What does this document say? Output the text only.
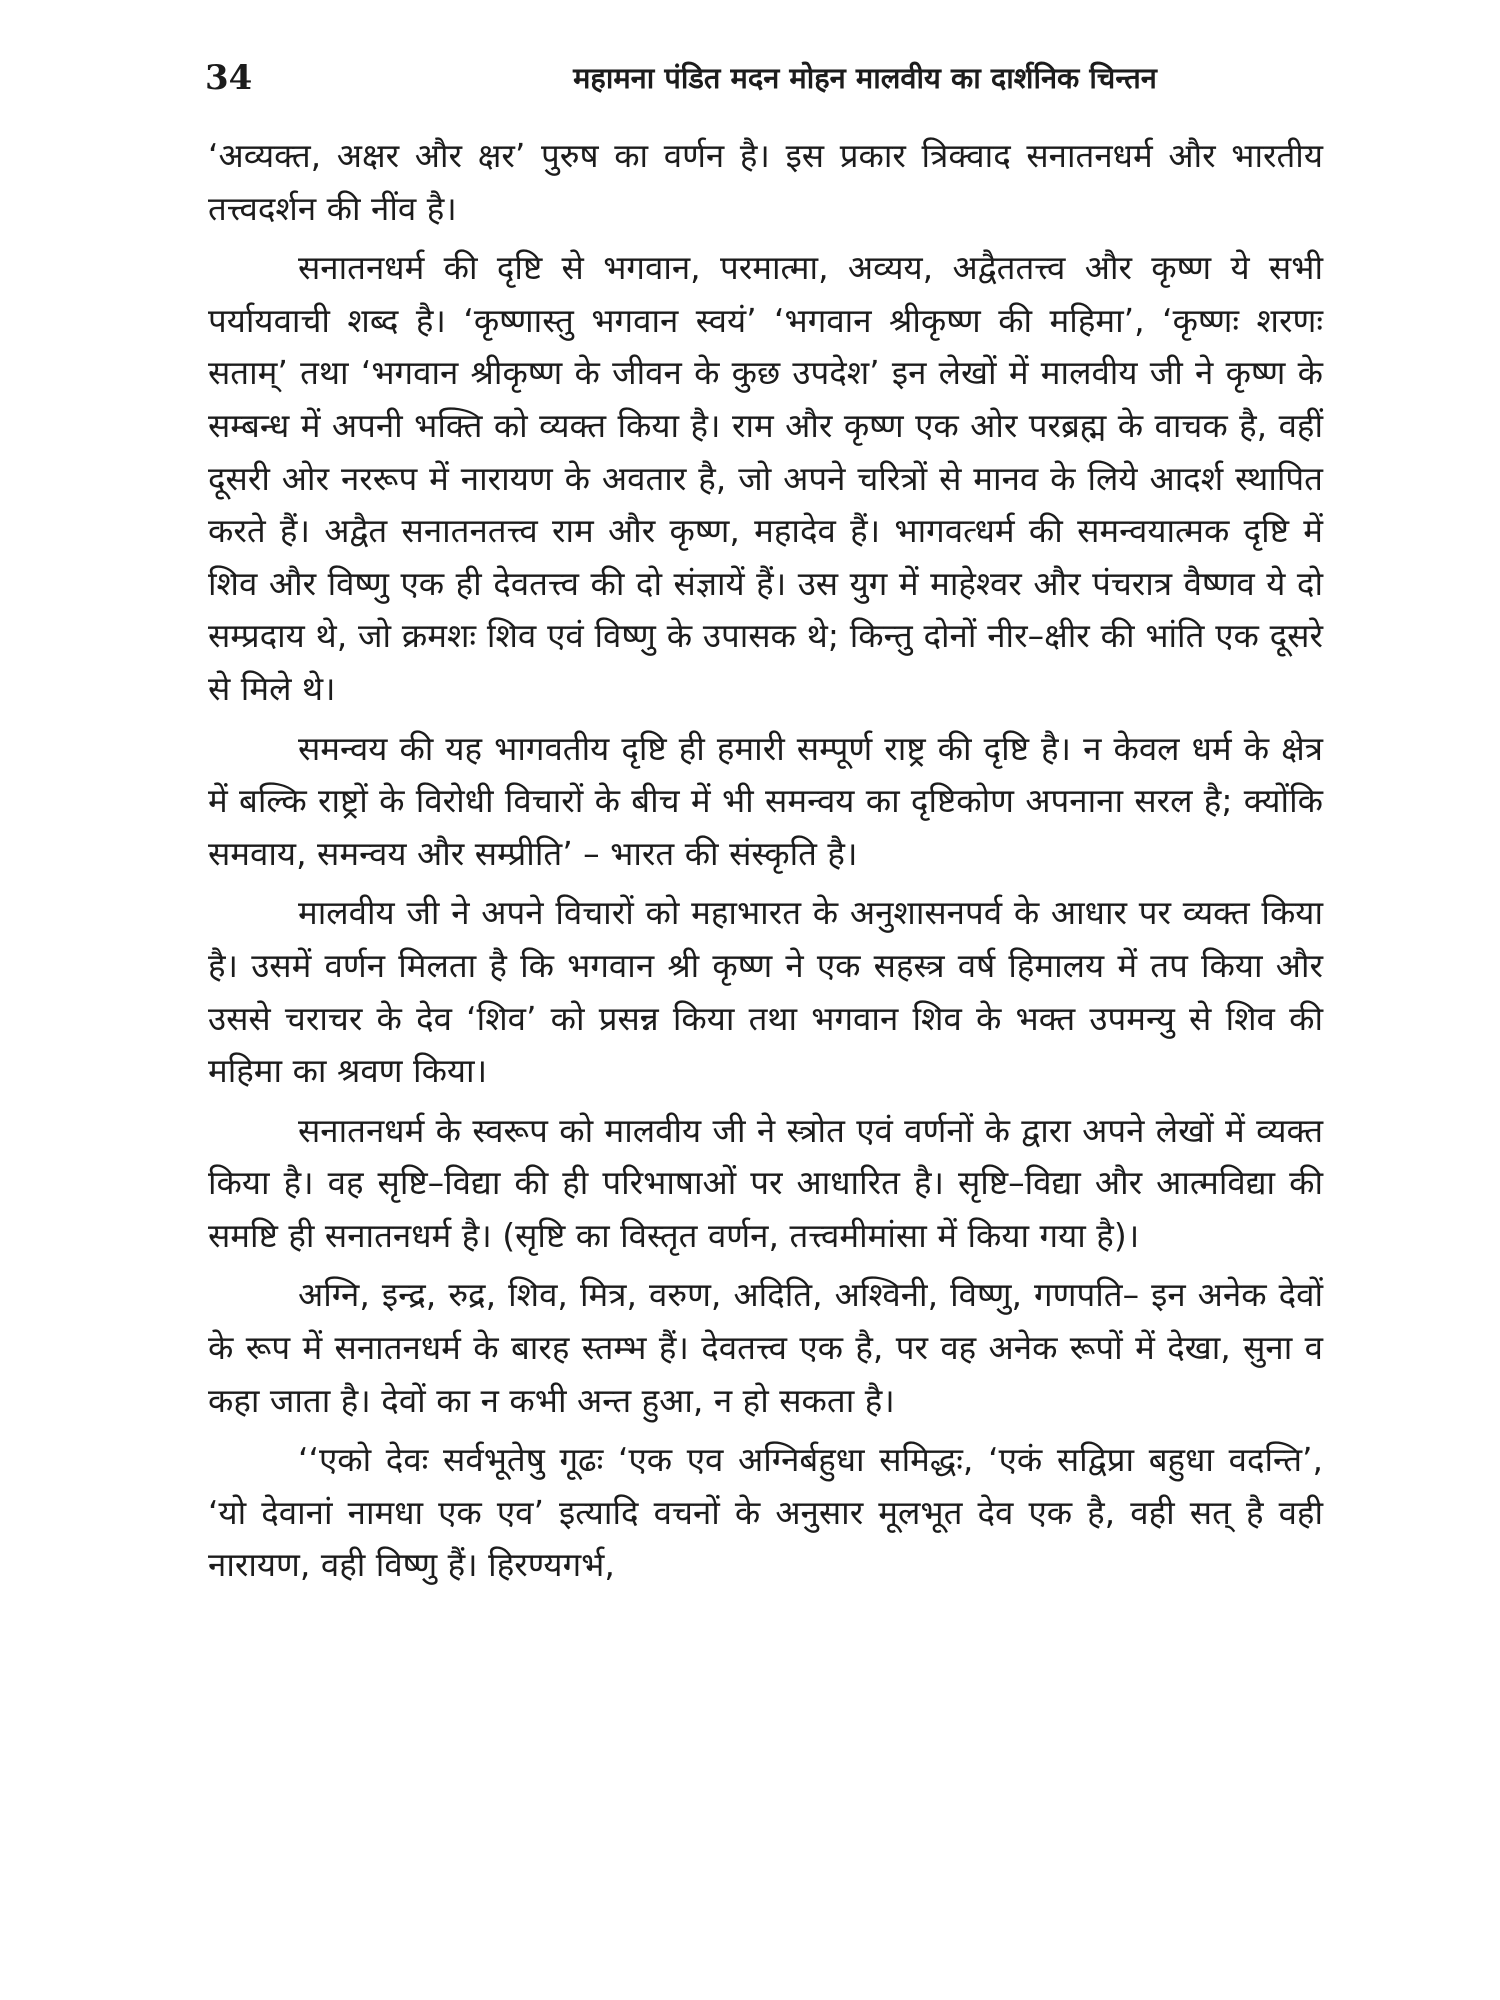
34	महामना पंडित मदन मोहन मालवीय का दार्शनिक चिन्तन

‘अव्यक्त, अक्षर और क्षर’ पुरुष का वर्णन है। इस प्रकार त्रिक्वाद सनातनधर्म और भारतीय तत्त्वदर्शन की नींव है।

सनातनधर्म की दृष्टि से भगवान, परमात्मा, अव्यय, अद्वैततत्त्व और कृष्ण ये सभी पर्यायवाची शब्द है। ‘कृष्णास्तु भगवान स्वयं’ ‘भगवान श्रीकृष्ण की महिमा’, ‘कृष्णः शरणः सताम्’ तथा ‘भगवान श्रीकृष्ण के जीवन के कुछ उपदेश’ इन लेखों में मालवीय जी ने कृष्ण के सम्बन्ध में अपनी भक्ति को व्यक्त किया है। राम और कृष्ण एक ओर परब्रह्म के वाचक है, वहीं दूसरी ओर नररूप में नारायण के अवतार है, जो अपने चरित्रों से मानव के लिये आदर्श स्थापित करते हैं। अद्वैत सनातनतत्त्व राम और कृष्ण, महादेव हैं। भागवत्धर्म की समन्वयात्मक दृष्टि में शिव और विष्णु एक ही देवतत्त्व की दो संज्ञायें हैं। उस युग में माहेश्वर और पंचरात्र वैष्णव ये दो सम्प्रदाय थे, जो क्रमशः शिव एवं विष्णु के उपासक थे; किन्तु दोनों नीर–क्षीर की भांति एक दूसरे से मिले थे।

समन्वय की यह भागवतीय दृष्टि ही हमारी सम्पूर्ण राष्ट्र की दृष्टि है। न केवल धर्म के क्षेत्र में बल्कि राष्ट्रों के विरोधी विचारों के बीच में भी समन्वय का दृष्टिकोण अपनाना सरल है; क्योंकि समवाय, समन्वय और सम्प्रीति’ – भारत की संस्कृति है।

मालवीय जी ने अपने विचारों को महाभारत के अनुशासनपर्व के आधार पर व्यक्त किया है। उसमें वर्णन मिलता है कि भगवान श्री कृष्ण ने एक सहस्त्र वर्ष हिमालय में तप किया और उससे चराचर के देव ‘शिव’ को प्रसन्न किया तथा भगवान शिव के भक्त उपमन्यु से शिव की महिमा का श्रवण किया।

सनातनधर्म के स्वरूप को मालवीय जी ने स्त्रोत एवं वर्णनों के द्वारा अपने लेखों में व्यक्त किया है। वह सृष्टि–विद्या की ही परिभाषाओं पर आधारित है। सृष्टि–विद्या और आत्मविद्या की समष्टि ही सनातनधर्म है। (सृष्टि का विस्तृत वर्णन, तत्त्वमीमांसा में किया गया है)।

अग्नि, इन्द्र, रुद्र, शिव, मित्र, वरुण, अदिति, अश्विनी, विष्णु, गणपति– इन अनेक देवों के रूप में सनातनधर्म के बारह स्तम्भ हैं। देवतत्त्व एक है, पर वह अनेक रूपों में देखा, सुना व कहा जाता है। देवों का न कभी अन्त हुआ, न हो सकता है।

‘‘एको देवः सर्वभूतेषु गूढः ‘एक एव अग्निर्बहुधा समिद्धः, ‘एकं सद्विप्रा बहुधा वदन्ति’, ‘यो देवानां नामधा एक एव’ इत्यादि वचनों के अनुसार मूलभूत देव एक है, वही सत् है वही नारायण, वही विष्णु हैं। हिरण्यगर्भ,
